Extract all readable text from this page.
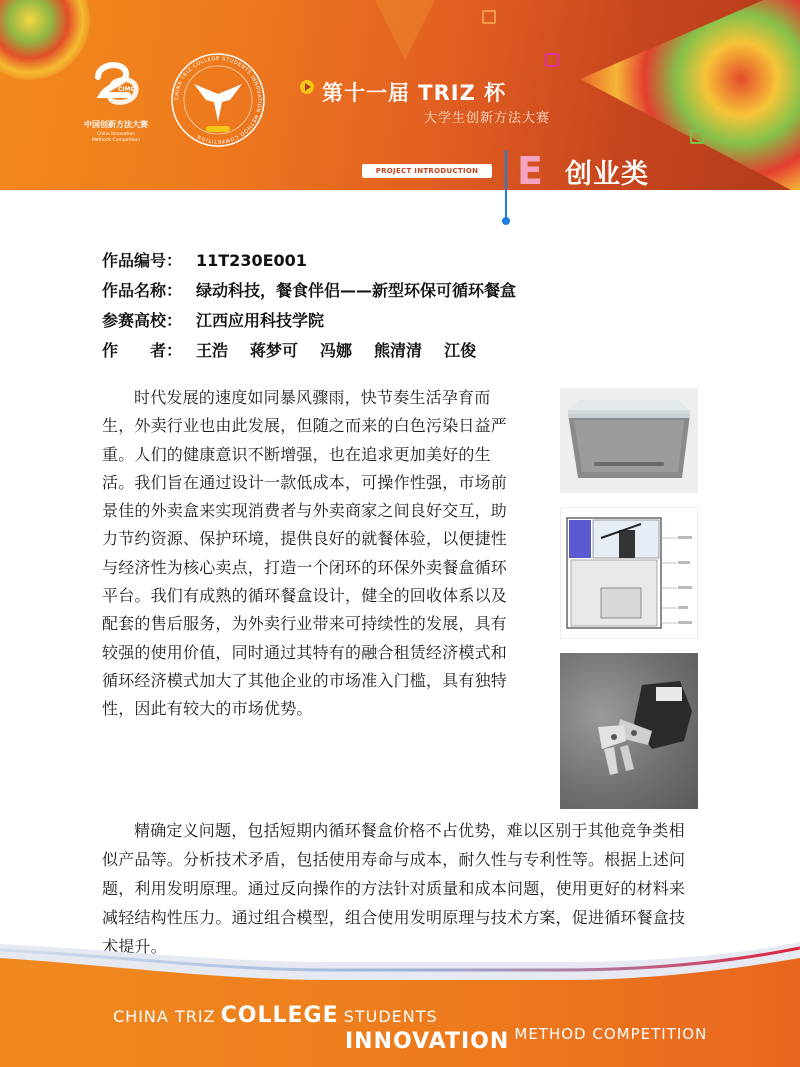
CIMC
中国创新方法大赛
China Innovation
Methods Competition
CHINA TRIZ COLLEGE STUDENTS INNOVATION METHOD COMPETITION
第十一届 TRIZ 杯
大学生创新方法大赛
PROJECT INTRODUCTION	E 创业类
作品编号： 11T230E001
作品名称： 绿动科技，餐食伴侣——新型环保可循环餐盒
参赛高校： 江西应用科技学院
作　　者： 王浩 蒋梦可 冯娜 熊清清 江俊
时代发展的速度如同暴风骤雨，快节奏生活孕育而生，外卖行业也由此发展，但随之而来的白色污染日益严重。人们的健康意识不断增强，也在追求更加美好的生活。我们旨在通过设计一款低成本，可操作性强，市场前景佳的外卖盒来实现消费者与外卖商家之间良好交互，助力节约资源、保护环境，提供良好的就餐体验，以便捷性与经济性为核心卖点，打造一个闭环的环保外卖餐盒循环平台。我们有成熟的循环餐盒设计，健全的回收体系以及配套的售后服务，为外卖行业带来可持续性的发展，具有较强的使用价值，同时通过其特有的融合租赁经济模式和循环经济模式加大了其他企业的市场准入门槛，具有独特性，因此有较大的市场优势。
精确定义问题，包括短期内循环餐盒价格不占优势，难以区别于其他竞争类相似产品等。分析技术矛盾，包括使用寿命与成本，耐久性与专利性等。根据上述问题，利用发明原理。通过反向操作的方法针对质量和成本问题，使用更好的材料来减轻结构性压力。通过组合模型，组合使用发明原理与技术方案，促进循环餐盒技术提升。
CHINA TRIZ COLLEGE STUDENTS
INNOVATION METHOD COMPETITION
